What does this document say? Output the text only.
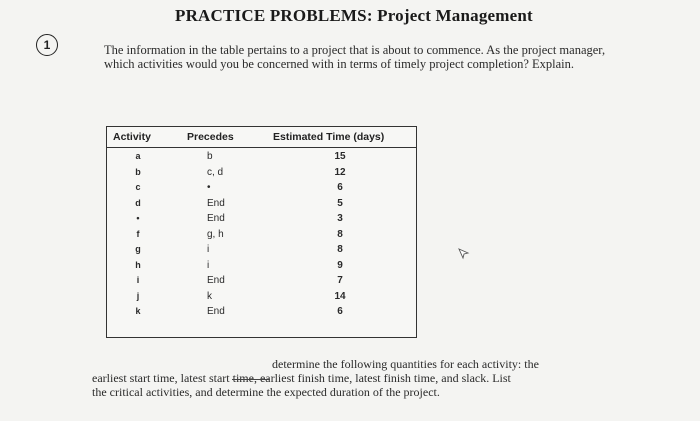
PRACTICE PROBLEMS: Project Management
1	The information in the table pertains to a project that is about to commence. As the project manager, which activities would you be concerned with in terms of timely project completion? Explain.
Activity	Precedes	Estimated Time (days)
a	b	15
b	c, d	12
c	•	6
d	End	5
•	End	3
f	g, h	8
g	i	8
h	i	9
i	End	7
j	k	14
k	End	6

determine the following quantities for each activity: the

earliest start time, latest start time, earliest finish time, latest finish time, and slack. List

the critical activities, and determine the expected duration of the project.
